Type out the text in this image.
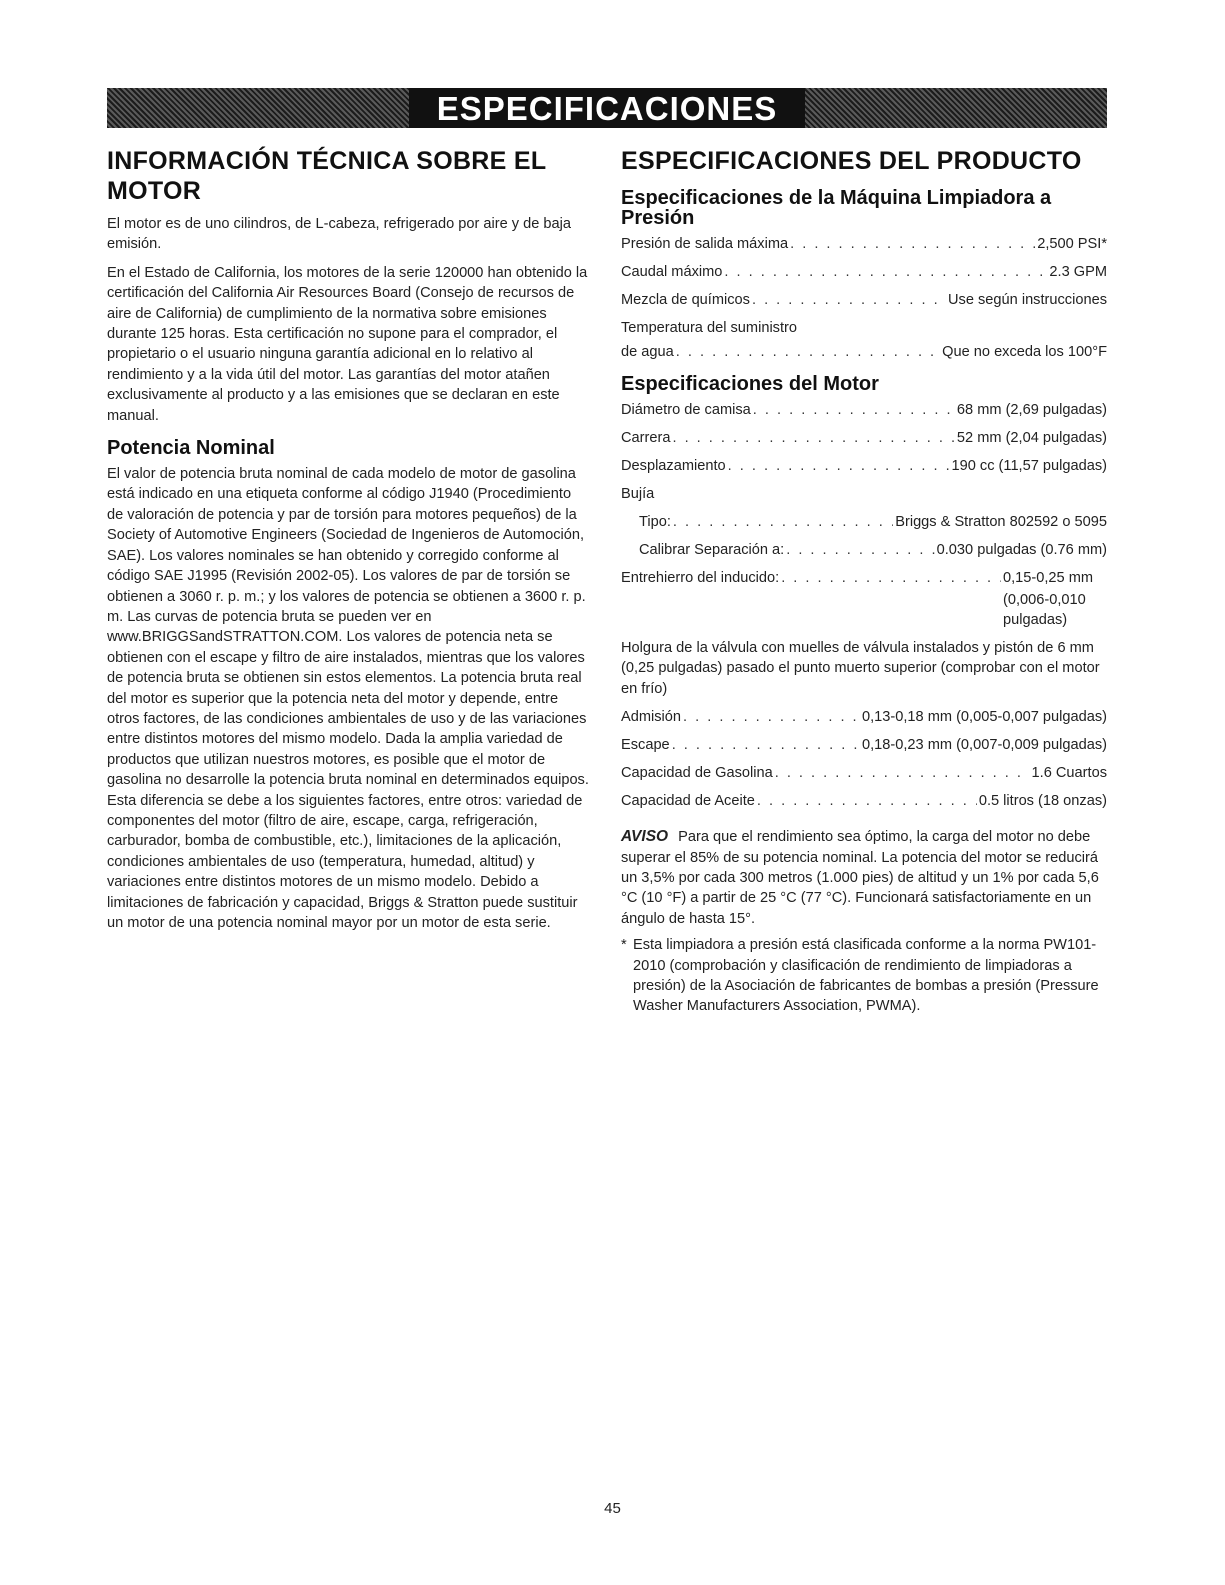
ESPECIFICACIONES
INFORMACIÓN TÉCNICA SOBRE EL MOTOR

El motor es de uno cilindros, de L-cabeza, refrigerado por aire y de baja emisión.

En el Estado de California, los motores de la serie 120000 han obtenido la certificación del California Air Resources Board (Consejo de recursos de aire de California) de cumplimiento de la normativa sobre emisiones durante 125 horas. Esta certificación no supone para el comprador, el propietario o el usuario ninguna garantía adicional en lo relativo al rendimiento y a la vida útil del motor. Las garantías del motor atañen exclusivamente al producto y a las emisiones que se declaran en este manual.

Potencia Nominal

El valor de potencia bruta nominal de cada modelo de motor de gasolina está indicado en una etiqueta conforme al código J1940 (Procedimiento de valoración de potencia y par de torsión para motores pequeños) de la Society of Automotive Engineers (Sociedad de Ingenieros de Automoción, SAE). Los valores nominales se han obtenido y corregido conforme al código SAE J1995 (Revisión 2002-05). Los valores de par de torsión se obtienen a 3060 r. p. m.; y los valores de potencia se obtienen a 3600 r. p. m. Las curvas de potencia bruta se pueden ver en www.BRIGGSandSTRATTON.COM. Los valores de potencia neta se obtienen con el escape y filtro de aire instalados, mientras que los valores de potencia bruta se obtienen sin estos elementos. La potencia bruta real del motor es superior que la potencia neta del motor y depende, entre otros factores, de las condiciones ambientales de uso y de las variaciones entre distintos motores del mismo modelo. Dada la amplia variedad de productos que utilizan nuestros motores, es posible que el motor de gasolina no desarrolle la potencia bruta nominal en determinados equipos. Esta diferencia se debe a los siguientes factores, entre otros: variedad de componentes del motor (filtro de aire, escape, carga, refrigeración, carburador, bomba de combustible, etc.), limitaciones de la aplicación, condiciones ambientales de uso (temperatura, humedad, altitud) y variaciones entre distintos motores de un mismo modelo. Debido a limitaciones de fabricación y capacidad, Briggs & Stratton puede sustituir un motor de una potencia nominal mayor por un motor de esta serie.

ESPECIFICACIONES DEL PRODUCTO
Especificaciones de la Máquina Limpiadora a Presión
Presión de salida máxima . . .	2,500 PSI*
Caudal máximo . . .	2.3 GPM
Mezcla de químicos . . .	Use según instrucciones
Temperatura del suministro
de agua . . .	Que no exceda los 100°F
Especificaciones del Motor
Diámetro de camisa . . .	68 mm (2,69 pulgadas)
Carrera . . .	52 mm (2,04 pulgadas)
Desplazamiento . . .	190 cc (11,57 pulgadas)
Bujía
Tipo: . . .	Briggs & Stratton 802592 o 5095
Calibrar Separación a: . . .	0.030 pulgadas (0.76 mm)
Entrehierro del inducido: . . .	0,15-0,25 mm
(0,006-0,010
pulgadas)

Holgura de la válvula con muelles de válvula instalados y pistón de 6 mm (0,25 pulgadas) pasado el punto muerto superior (comprobar con el motor en frío)

Admisión . . .	0,13-0,18 mm (0,005-0,007 pulgadas)
Escape . . .	0,18-0,23 mm (0,007-0,009 pulgadas)
Capacidad de Gasolina . . .	1.6 Cuartos
Capacidad de Aceite . . .	0.5 litros (18 onzas)

AVISO Para que el rendimiento sea óptimo, la carga del motor no debe superar el 85% de su potencia nominal. La potencia del motor se reducirá un 3,5% por cada 300 metros (1.000 pies) de altitud y un 1% por cada 5,6 °C (10 °F) a partir de 25 °C (77 °C). Funcionará satisfactoriamente en un ángulo de hasta 15°.

* Esta limpiadora a presión está clasificada conforme a la norma PW101-2010 (comprobación y clasificación de rendimiento de limpiadoras a presión) de la Asociación de fabricantes de bombas a presión (Pressure Washer Manufacturers Association, PWMA).
45
